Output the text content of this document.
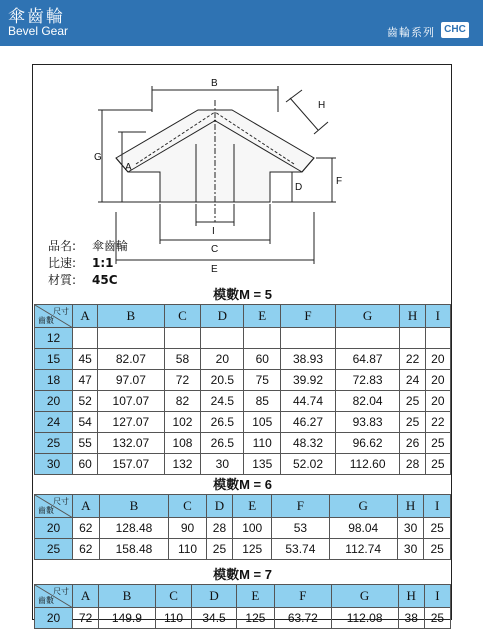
傘齒輪
Bevel Gear	齒輪系列 CHC
B
E
C
I
G
A
D
F
H
品名:	傘齒輪
比速:	1:1
材質:	45C
模數M = 5
尺寸
齒數	A	B	C	D	E	F	G	H	I
12									
15	45	82.07	58	20	60	38.93	64.87	22	20
18	47	97.07	72	20.5	75	39.92	72.83	24	20
20	52	107.07	82	24.5	85	44.74	82.04	25	20
24	54	127.07	102	26.5	105	46.27	93.83	25	22
25	55	132.07	108	26.5	110	48.32	96.62	26	25
30	60	157.07	132	30	135	52.02	112.60	28	25
模數M = 6
尺寸
齒數	A	B	C	D	E	F	G	H	I
20	62	128.48	90	28	100	53	98.04	30	25
25	62	158.48	110	25	125	53.74	112.74	30	25
模數M = 7
尺寸
齒數	A	B	C	D	E	F	G	H	I
20	72	149.9	110	34.5	125	63.72	112.08	38	25
